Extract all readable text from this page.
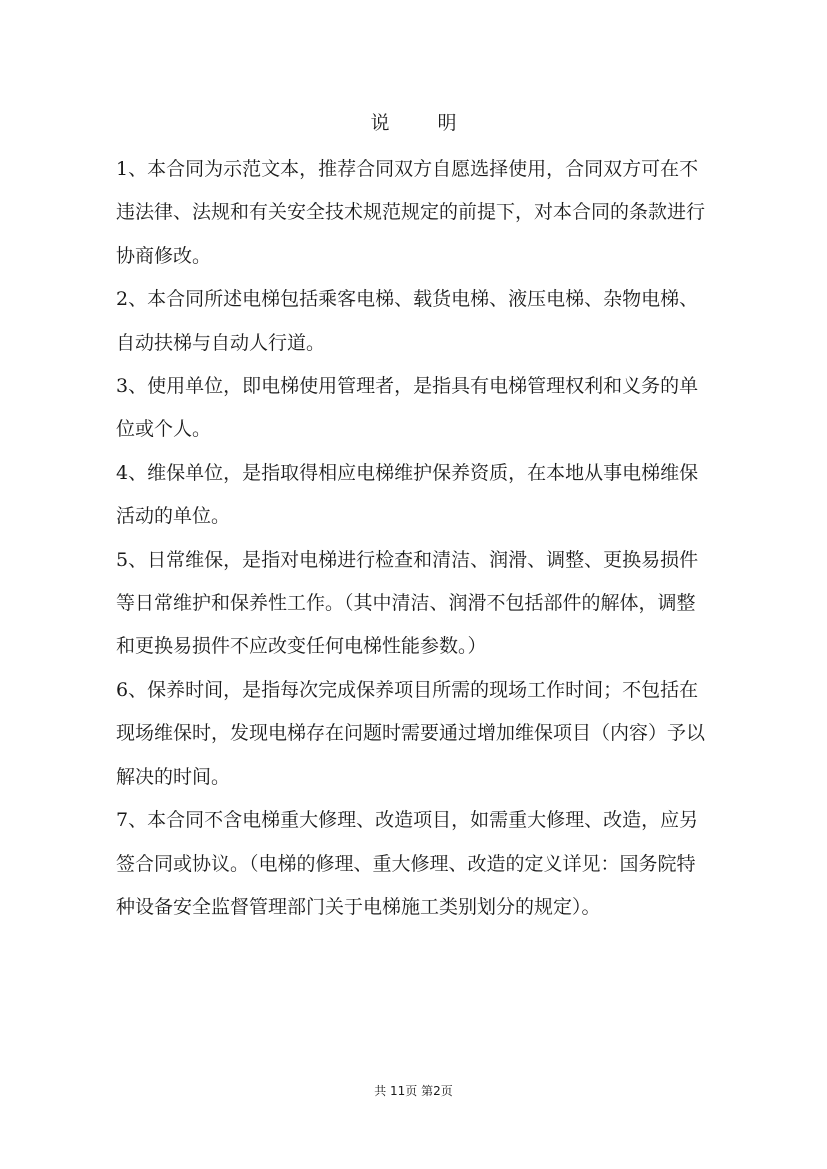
说	明
1、本合同为示范文本，推荐合同双方自愿选择使用，合同双方可在不
违法律、法规和有关安全技术规范规定的前提下，对本合同的条款进行
协商修改。
2、本合同所述电梯包括乘客电梯、载货电梯、液压电梯、杂物电梯、
自动扶梯与自动人行道。
3、使用单位，即电梯使用管理者，是指具有电梯管理权利和义务的单
位或个人。
4、维保单位，是指取得相应电梯维护保养资质，在本地从事电梯维保
活动的单位。
5、日常维保，是指对电梯进行检查和清洁、润滑、调整、更换易损件
等日常维护和保养性工作。（其中清洁、润滑不包括部件的解体，调整
和更换易损件不应改变任何电梯性能参数。）
6、保养时间，是指每次完成保养项目所需的现场工作时间；不包括在
现场维保时，发现电梯存在问题时需要通过增加维保项目（内容）予以
解决的时间。
7、本合同不含电梯重大修理、改造项目，如需重大修理、改造，应另
签合同或协议。（电梯的修理、重大修理、改造的定义详见：国务院特
种设备安全监督管理部门关于电梯施工类别划分的规定）。
共 11页 第2页
